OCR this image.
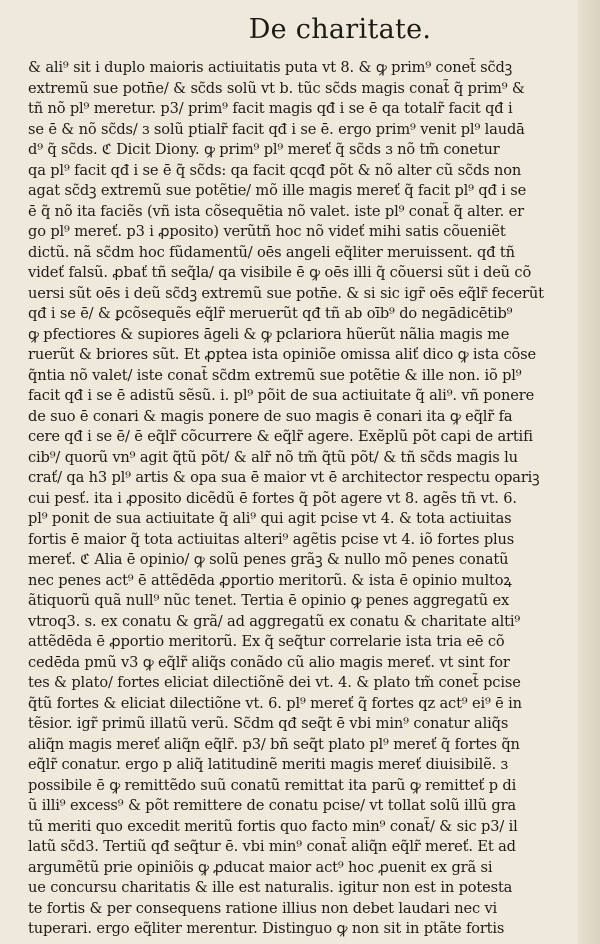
De charitate.
& ali⁹ sit i duplo maioris actiuitatis puta vt 8. & ꝙ prim⁹ conet̃ sc̃dꝫ
extremũ sue potn̄e/ & sc̃ds solũ vt b. tũc sc̃ds magis conat̃ q̃ prim⁹ &
tñ nõ pl⁹ meretur. p3/ prim⁹ facit magis qđ i se ē qa totalr̃ facit qđ i
se ē & nõ sc̃ds/ ɜ solũ ptialr̃ facit qđ i se ē. ergo prim⁹ venit pl⁹ laudā
d⁹ q̃ sc̃ds. ℭ Dicit Diony. ꝙ prim⁹ pl⁹ mereť q̃ sc̃ds ɜ nõ tm̃ conetur
qa pl⁹ facit qđ i se ē q̃ sc̃ds: qa facit qcqđ põt & nõ alter cũ sc̃ds non
agat sc̃dꝫ extremũ sue potẽtie/ mõ ille magis mereť q̃ facit pl⁹ qđ i se
ē q̃ nõ ita faciẽs (vñ ista cõsequẽtia nõ valet. iste pl⁹ conat̃ q̃ alter. er
go pl⁹ mereť. p3 i ꝓposito) verũtñ hoc nõ videť mihi satis cõueniẽt
dictũ. nã sc̃dm hoc fũdamentũ/ oēs angeli eq̃liter meruissent. qđ tñ
videť falsũ. ꝓbať tñ seq̃la/ qa visibile ē ꝙ oēs illi q̃ cõuersi sũt i deũ cõ
uersi sũt oēs i deũ sc̃dꝫ extremũ sue potn̄e. & si sic igr̃ oēs eq̃lr̃ fecerũt
qđ i se ē/ & ꝑcõsequẽs eq̃lr̃ meruerũt qđ tñ ab oīb⁹ do negādicētib⁹
ꝙ pfectiores & supiores āgeli & ꝙ pclariora hũerũt nãlia magis me
ruerũt & briores sũt. Et ꝓptea ista opiniõe omissa aliť dico ꝙ ista cõse
q̃ntia nõ valet/ iste conat̃ sc̃dm extremũ sue potẽtie & ille non. iõ pl⁹
facit qđ i se ē adistũ sẽsũ. i. pl⁹ põit de sua actiuitate q̃ ali⁹. vñ ponere
de suo ē conari & magis ponere de suo magis ē conari ita ꝙ eq̃lr̃ fa
cere qđ i se ē/ ē eq̃lr̃ cõcurrere & eq̃lr̃ agere. Exẽplũ põt capi de artifi
cib⁹/ quorũ vn⁹ agit q̃tũ põt/ & alr̃ nõ tm̃ q̃tũ põt/ & tñ sc̃ds magis lu
crať/ qa h3 pl⁹ artis & opa sua ē maior vt ē architector respectu opariꝫ
cui pesť. ita i ꝓposito dicẽdũ ē fortes q̃ põt agere vt 8. agẽs tñ vt. 6.
pl⁹ ponit de sua actiuitate q̃ ali⁹ qui agit pcise vt 4. & tota actiuitas
fortis ē maior q̃ tota actiuitas alteri⁹ agẽtis pcise vt 4. iõ fortes plus
mereť. ℭ Alia ē opinio/ ꝙ solũ penes grãꝫ & nullo mõ penes conatũ
nec penes act⁹ ē attẽdēda ꝓportio meritorũ. & ista ē opinio multoꝝ
ãtiquorũ quã null⁹ nũc tenet. Tertia ē opinio ꝙ penes aggregatũ ex
vtroq3. s. ex conatu & grã/ ad aggregatũ ex conatu & charitate alti⁹
attẽdēda ē ꝓportio meritorũ. Ex q̃ seq̃tur correlarie ista tria eē cõ
cedēda pmũ v3 ꝙ eq̃lr̃ aliq̃s conãdo cũ alio magis mereť. vt sint for
tes & plato/ fortes eliciat dilectiõnẽ dei vt. 4. & plato tm̃ conet̃ pcise
q̃tũ fortes & eliciat dilectiõne vt. 6. pl⁹ mereť q̃ fortes qz act⁹ ei⁹ ē in
tẽsior. igr̃ primũ illatũ verũ. Sc̃dm qđ seq̃t ē vbi min⁹ conatur aliq̃s
aliq̃n magis mereť aliq̃n eq̃lr̃. p3/ bñ seq̃t plato pl⁹ mereť q̃ fortes q̃n
eq̃lr̃ conatur. ergo p aliq̃ latitudinẽ meriti magis mereť diuisibilẽ. ɜ
possibile ē ꝙ remittẽdo suũ conatũ remittat ita parũ ꝙ remitteť p di
ũ illi⁹ excess⁹ & põt remittere de conatu pcise/ vt tollat solũ illũ gra
tũ meriti quo excedit meritũ fortis quo facto min⁹ conat̃/ & sic p3/ il
latũ sc̃d3. Tertiũ qđ seq̃tur ē. vbi min⁹ conat̃ aliq̃n eq̃lr̃ mereť. Et ad
argumẽtũ prie opiniõis ꝙ ꝓducat maior act⁹ hoc ꝓuenit ex grã si
ue concursu charitatis & ille est naturalis. igitur non est in potesta
te fortis & per consequens ratione illius non debet laudari nec vi
tuperari. ergo eq̃liter merentur. Distinguo ꝙ non sit in ptãte fortis
